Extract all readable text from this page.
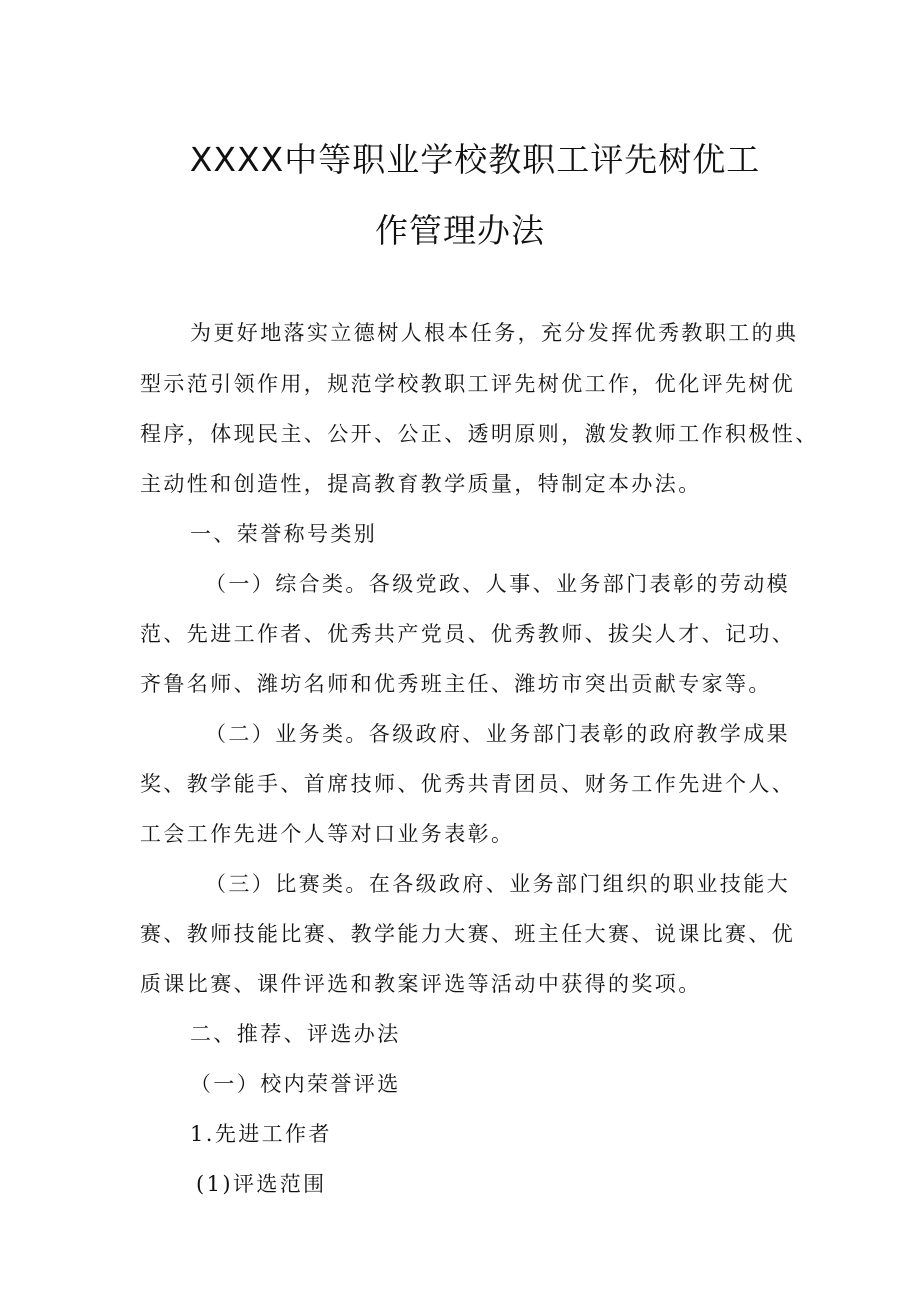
XXXX中等职业学校教职工评先树优工
作管理办法
为更好地落实立德树人根本任务，充分发挥优秀教职工的典
型示范引领作用，规范学校教职工评先树优工作，优化评先树优
程序，体现民主、公开、公正、透明原则，激发教师工作积极性、
主动性和创造性，提高教育教学质量，特制定本办法。
一、荣誉称号类别
（一）综合类。各级党政、人事、业务部门表彰的劳动模
范、先进工作者、优秀共产党员、优秀教师、拔尖人才、记功、
齐鲁名师、潍坊名师和优秀班主任、潍坊市突出贡献专家等。
（二）业务类。各级政府、业务部门表彰的政府教学成果
奖、教学能手、首席技师、优秀共青团员、财务工作先进个人、
工会工作先进个人等对口业务表彰。
（三）比赛类。在各级政府、业务部门组织的职业技能大
赛、教师技能比赛、教学能力大赛、班主任大赛、说课比赛、优
质课比赛、课件评选和教案评选等活动中获得的奖项。
二、推荐、评选办法
（一）校内荣誉评选
1.先进工作者
(1)评选范围
